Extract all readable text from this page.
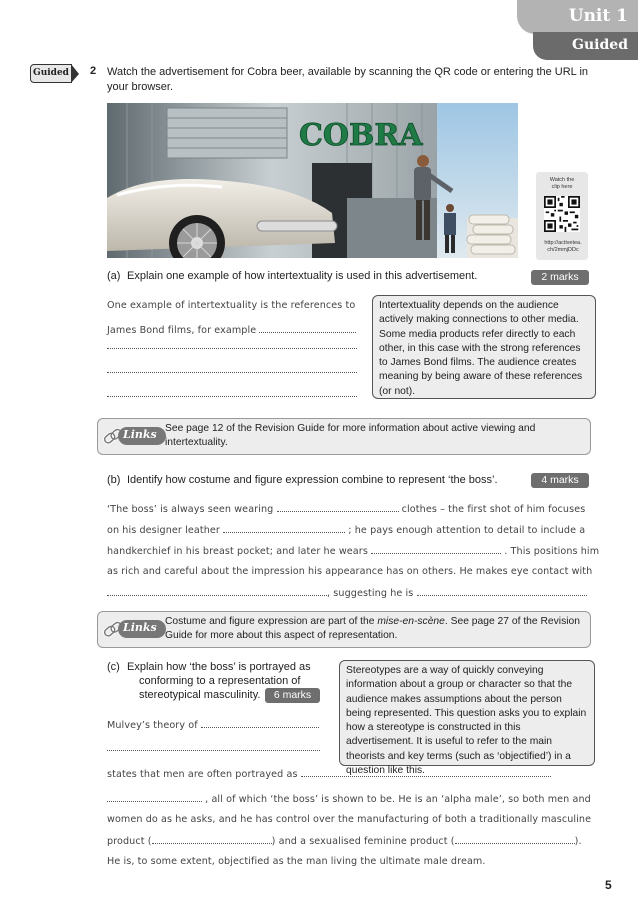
Unit 1
Guided
Guided 2 Watch the advertisement for Cobra beer, available by scanning the QR code or entering the URL in your browser.
COBRA
Watch the
clip here
http://activetea.
ch/2mmjDDc
(a) Explain one example of how intertextuality is used in this advertisement.	2 marks
One example of intertextuality is the references to
James Bond films, for example
Intertextuality depends on the audience actively making connections to other media. Some media products refer directly to each other, in this case with the strong references to James Bond films. The audience creates meaning by being aware of these references (or not).
Links See page 12 of the Revision Guide for more information about active viewing and intertextuality.
(b) Identify how costume and figure expression combine to represent ‘the boss’.	4 marks
‘The boss’ is always seen wearing	clothes – the first shot of him focuses
on his designer leather	; he pays enough attention to detail to include a
handkerchief in his breast pocket; and later he wears	. This positions him
as rich and careful about the impression his appearance has on others. He makes eye contact with
, suggesting he is
Links Costume and figure expression are part of the mise-en-scène. See page 27 of the Revision Guide for more about this aspect of representation.
(c) Explain how ‘the boss’ is portrayed as
conforming to a representation of
stereotypical masculinity.	6 marks
Stereotypes are a way of quickly conveying information about a group or character so that the audience makes assumptions about the person being represented. This question asks you to explain how a stereotype is constructed in this advertisement. It is useful to refer to the main theorists and key terms (such as ‘objectified’) in a question like this.
Mulvey’s theory of
states that men are often portrayed as
, all of which ‘the boss’ is shown to be. He is an ‘alpha male’, so both men and
women do as he asks, and he has control over the manufacturing of both a traditionally masculine
product (	) and a sexualised feminine product (	).
He is, to some extent, objectified as the man living the ultimate male dream.
5
